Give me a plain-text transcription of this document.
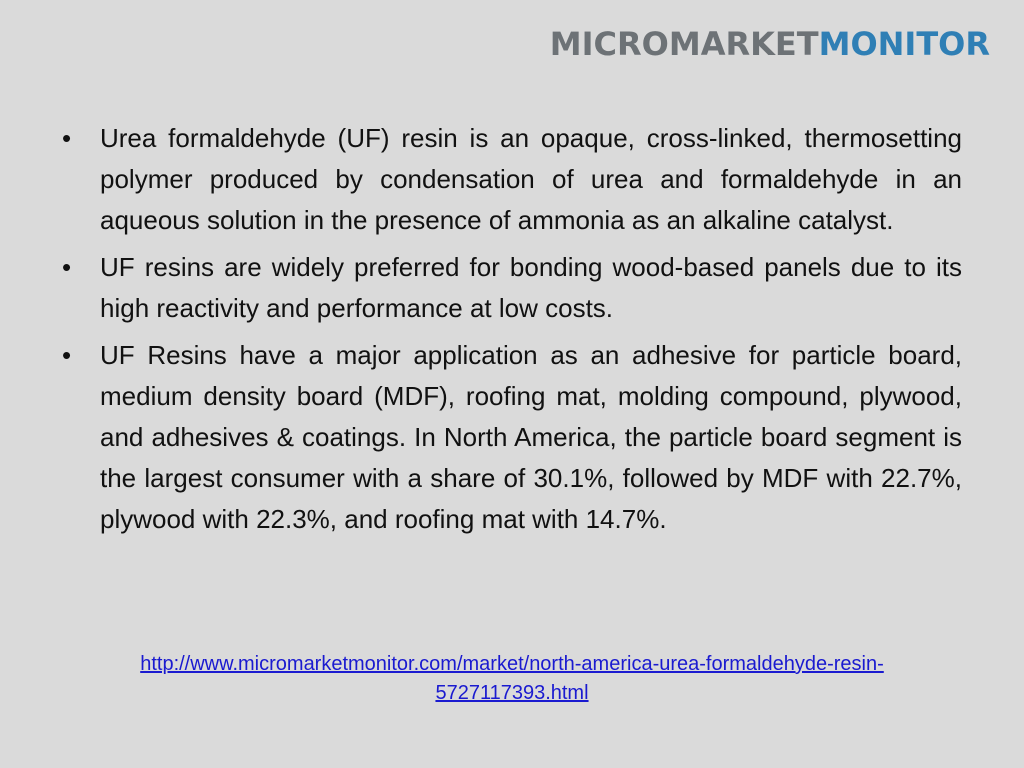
MICROMARKETMONITOR
• Urea formaldehyde (UF) resin is an opaque, cross-linked, thermosetting polymer produced by condensation of urea and formaldehyde in an aqueous solution in the presence of ammonia as an alkaline catalyst.
• UF resins are widely preferred for bonding wood-based panels due to its high reactivity and performance at low costs.
• UF Resins have a major application as an adhesive for particle board, medium density board (MDF), roofing mat, molding compound, plywood, and adhesives & coatings. In North America, the particle board segment is the largest consumer with a share of 30.1%, followed by MDF with 22.7%, plywood with 22.3%, and roofing mat with 14.7%.
http://www.micromarketmonitor.com/market/north-america-urea-formaldehyde-resin-
5727117393.html
